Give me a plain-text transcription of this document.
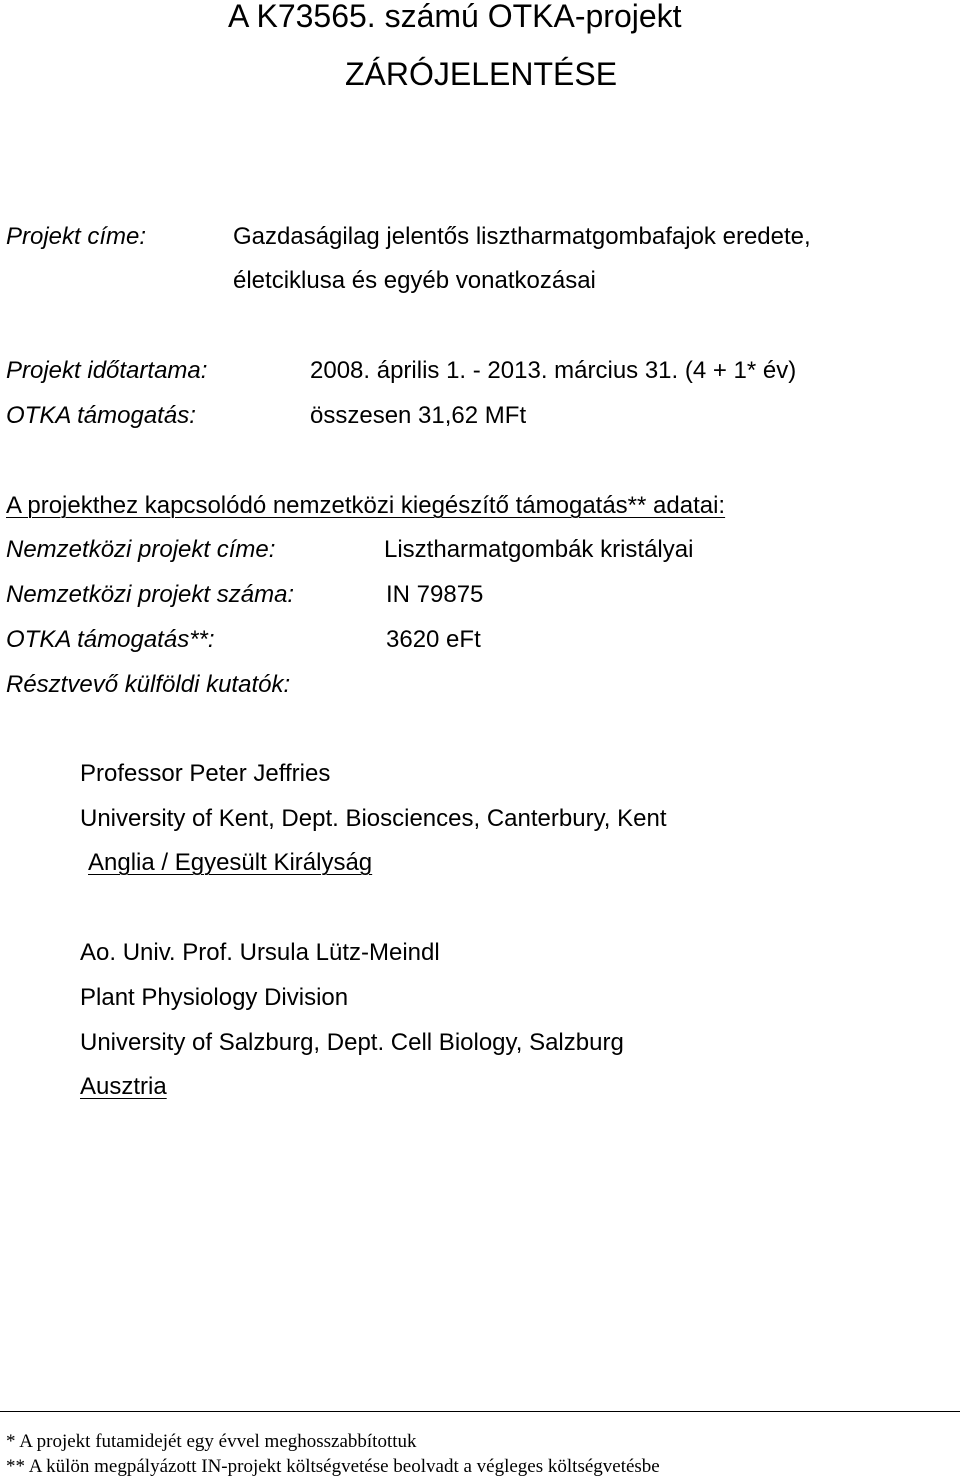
A K73565. számú OTKA-projekt
ZÁRÓJELENTÉSE
Projekt címe:	Gazdaságilag jelentős lisztharmatgombafajok eredete,
életciklusa és egyéb vonatkozásai
Projekt időtartama:	2008. április 1. - 2013. március 31. (4 + 1* év)
OTKA támogatás:	összesen 31,62 MFt
A projekthez kapcsolódó nemzetközi kiegészítő támogatás** adatai:
Nemzetközi projekt címe:	Lisztharmatgombák kristályai
Nemzetközi projekt száma:	IN 79875
OTKA támogatás**:	3620 eFt
Résztvevő külföldi kutatók:
Professor Peter Jeffries
University of Kent, Dept. Biosciences, Canterbury, Kent
Anglia / Egyesült Királyság
Ao. Univ. Prof. Ursula Lütz-Meindl
Plant Physiology Division
University of Salzburg, Dept. Cell Biology, Salzburg
Ausztria
* A projekt futamidejét egy évvel meghosszabbítottuk
** A külön megpályázott IN-projekt költségvetése beolvadt a végleges költségvetésbe
